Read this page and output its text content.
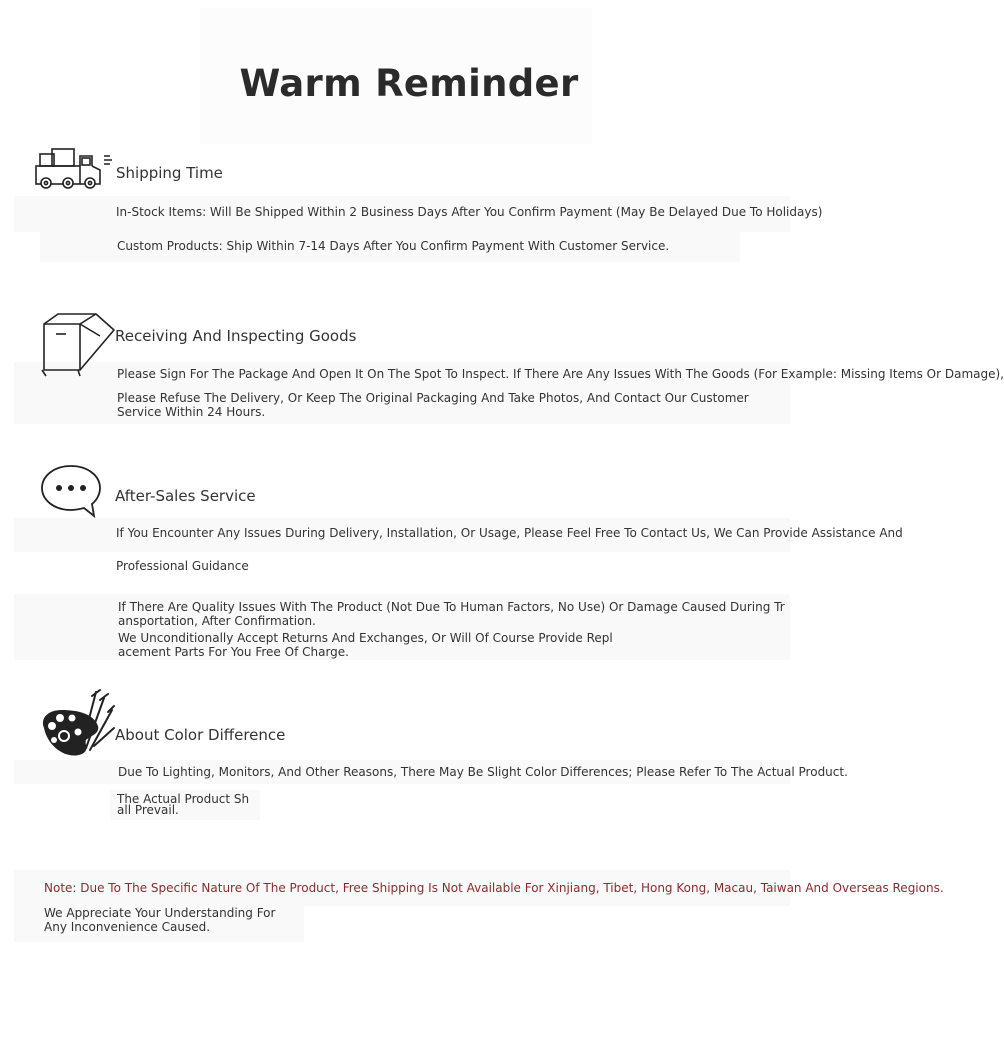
Warm Reminder
Shipping Time
In-Stock Items: Will Be Shipped Within 2 Business Days After You Confirm Payment (May Be Delayed Due To Holidays)
Custom Products: Ship Within 7-14 Days After You Confirm Payment With Customer Service.
Receiving And Inspecting Goods
Please Sign For The Package And Open It On The Spot To Inspect. If There Are Any Issues With The Goods (For Example: Missing Items Or Damage),
Please Refuse The Delivery, Or Keep The Original Packaging And Take Photos, And Contact Our Customer
Service Within 24 Hours.
After-Sales Service
If You Encounter Any Issues During Delivery, Installation, Or Usage, Please Feel Free To Contact Us, We Can Provide Assistance And
Professional Guidance
If There Are Quality Issues With The Product (Not Due To Human Factors, No Use) Or Damage Caused During Tr
ansportation, After Confirmation.
We Unconditionally Accept Returns And Exchanges, Or Will Of Course Provide Repl
acement Parts For You Free Of Charge.
About Color Difference
Due To Lighting, Monitors, And Other Reasons, There May Be Slight Color Differences; Please Refer To The Actual Product.
The Actual Product Sh
all Prevail.
Note: Due To The Specific Nature Of The Product, Free Shipping Is Not Available For Xinjiang, Tibet, Hong Kong, Macau, Taiwan And Overseas Regions.
We Appreciate Your Understanding For
Any Inconvenience Caused.
